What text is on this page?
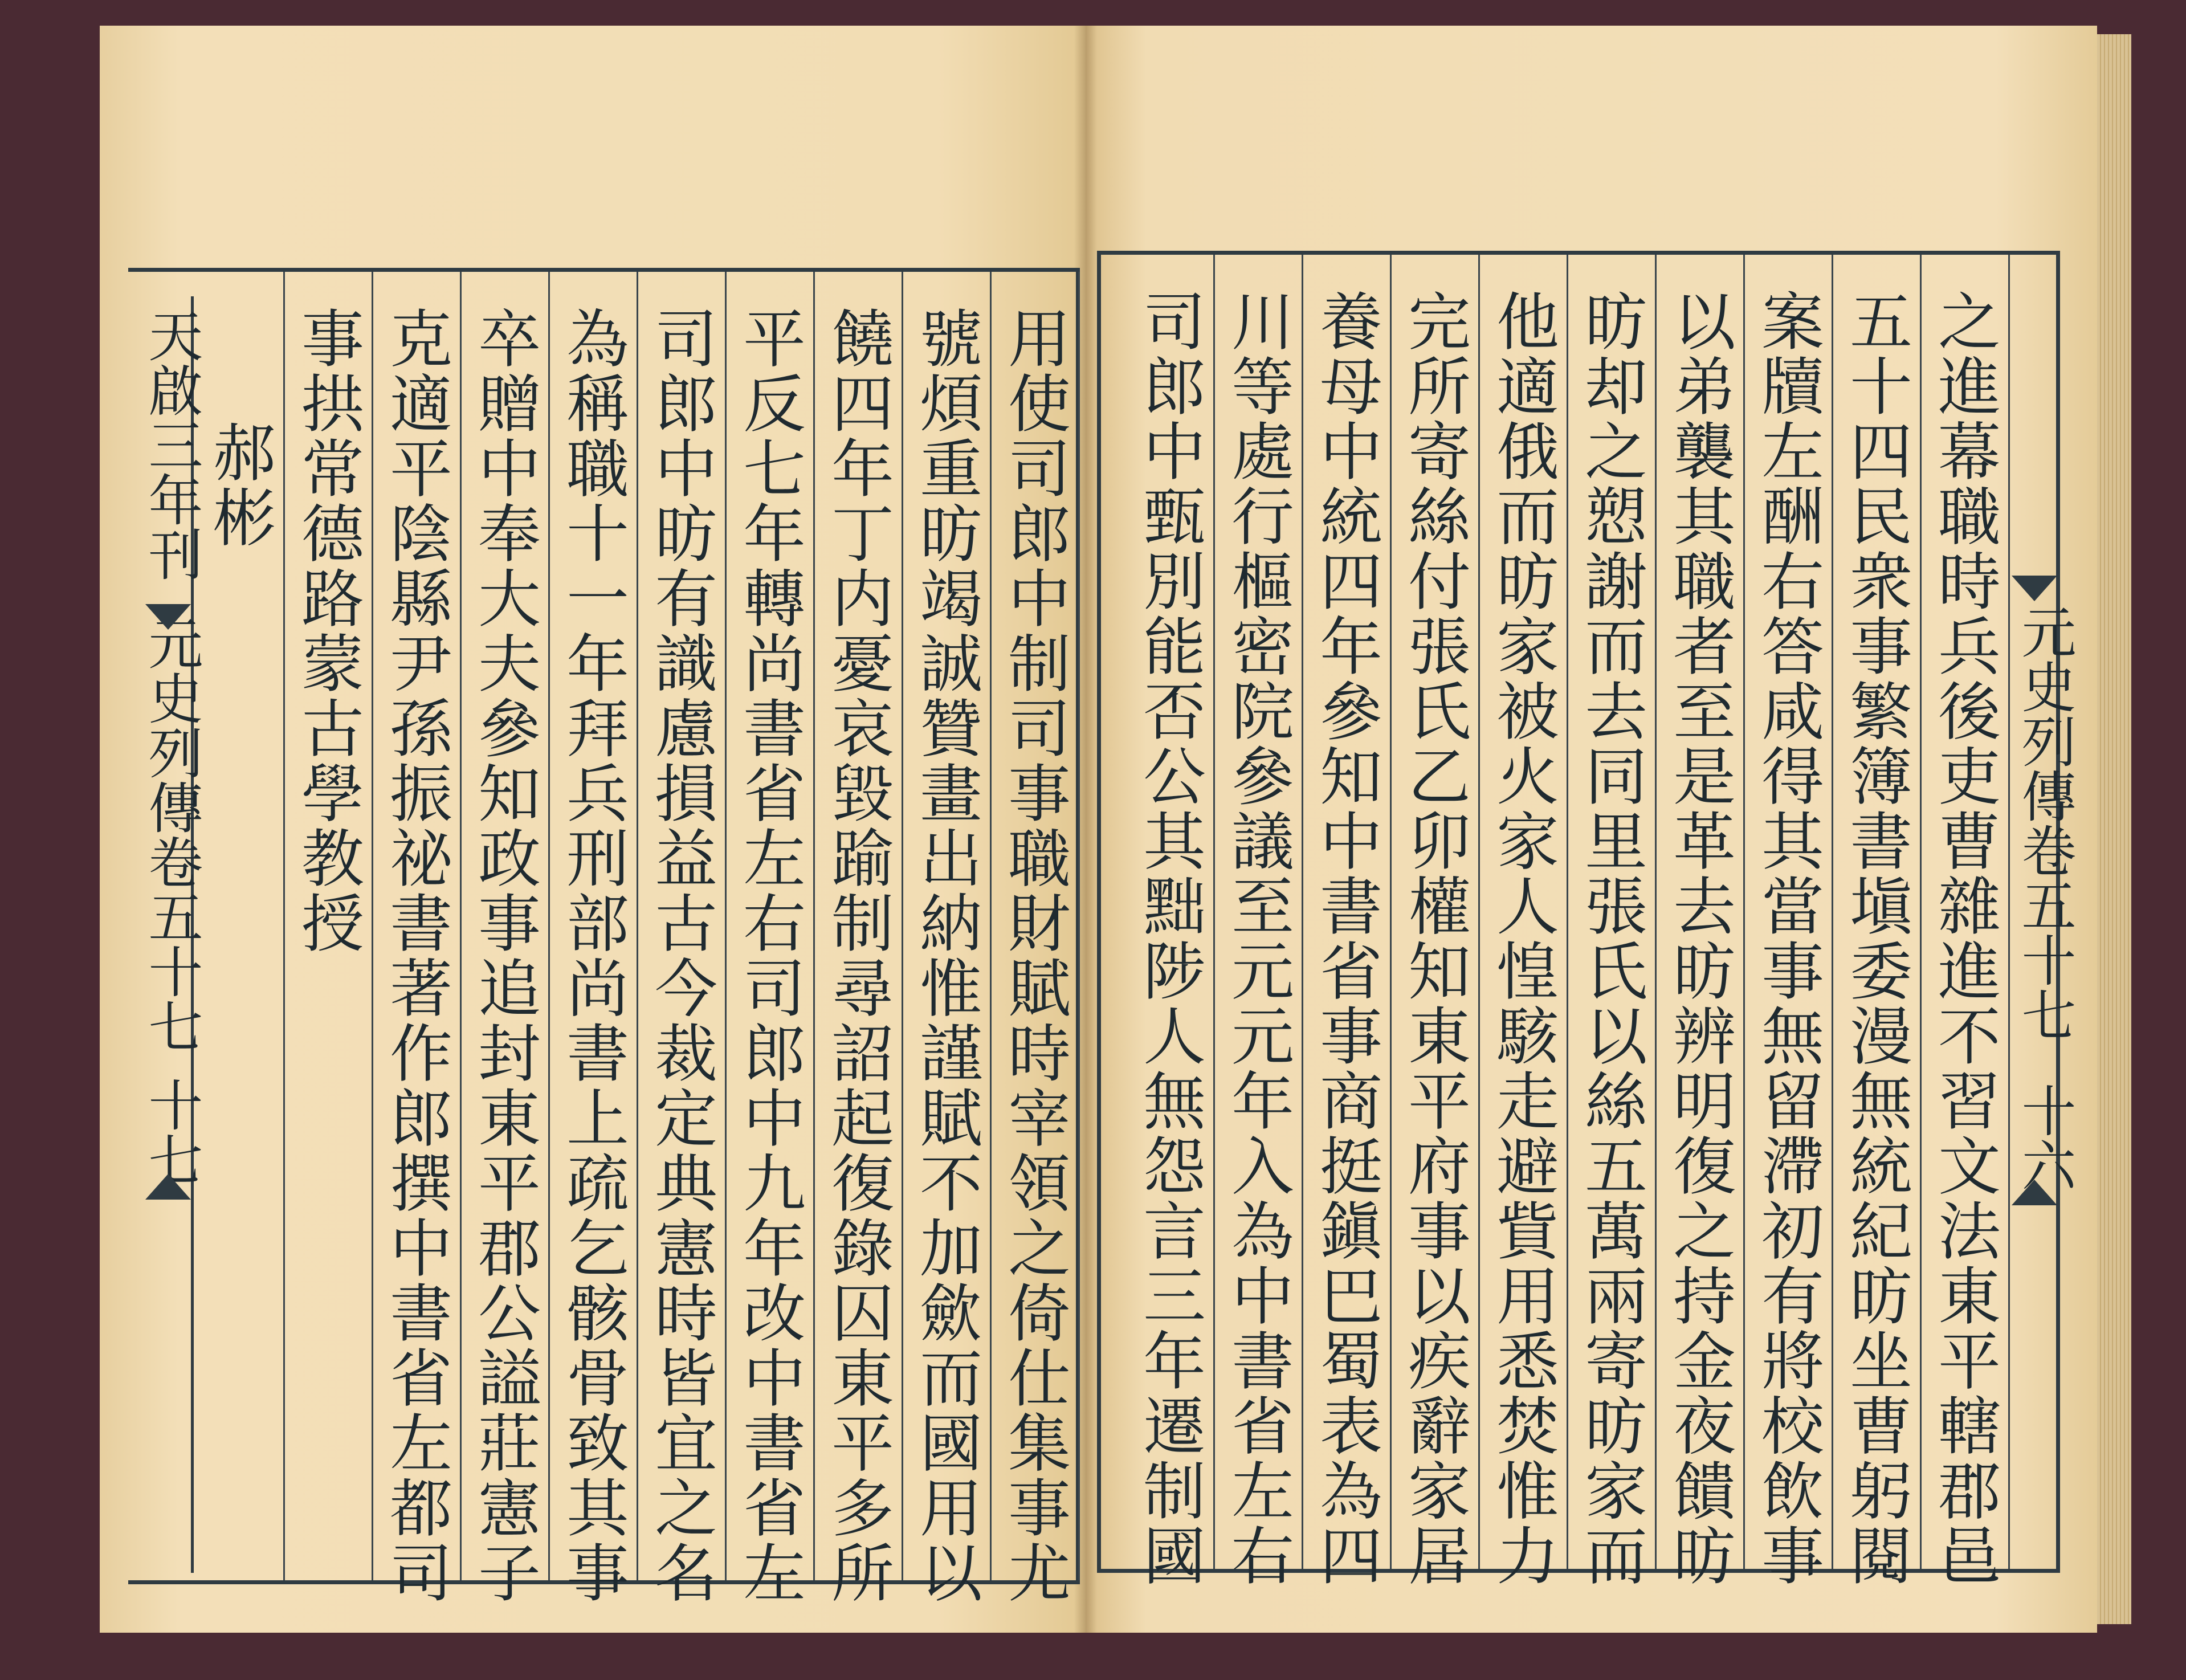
用使司郎中制司事職財賦時宰領之倚仕集事尤
號煩重昉竭誠贊畫出納惟謹賦不加歛而國用以
饒四年丁内憂哀毀踰制尋詔起復錄囚東平多所
平反七年轉尚書省左右司郎中九年改中書省左
司郎中昉有識慮損益古今裁定典憲時皆宜之名
為稱職十一年拜兵刑部尚書上疏乞骸骨致其事
卒贈中奉大夫參知政事追封東平郡公謚莊憲子
克適平陰縣尹孫振祕書著作郎撰中書省左都司
事拱常德路蒙古學教授
郝彬
天啟三年刊
元史列傳卷五十七
十七	之進幕職時兵後吏曹雜進不習文法東平轄郡邑
五十四民衆事繁簿書塡委漫無統紀昉坐曹躬閱
案牘左酬右答咸得其當事無留滯初有將校飲事
以弟襲其職者至是革去昉辨明復之持金夜饋昉
昉却之愬謝而去同里張氏以絲五萬兩寄昉家而
他適俄而昉家被火家人惶駭走避貲用悉焚惟力
完所寄絲付張氏乙卯權知東平府事以疾辭家居
養母中統四年參知中書省事商挺鎭巴蜀表為四
川等處行樞密院參議至元元年入為中書省左右
司郎中甄別能否公其黜陟人無怨言三年遷制國	元史列傳卷五十七
十六
